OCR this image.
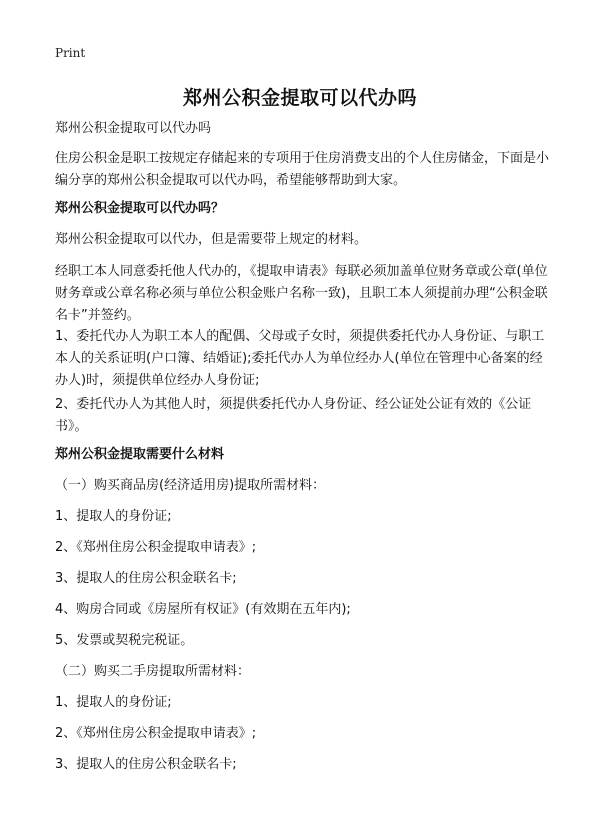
Print
郑州公积金提取可以代办吗
郑州公积金提取可以代办吗
住房公积金是职工按规定存储起来的专项用于住房消费支出的个人住房储金，下面是小编分享的郑州公积金提取可以代办吗，希望能够帮助到大家。
郑州公积金提取可以代办吗？
郑州公积金提取可以代办，但是需要带上规定的材料。
经职工本人同意委托他人代办的，《提取申请表》每联必须加盖单位财务章或公章(单位财务章或公章名称必须与单位公积金账户名称一致)，且职工本人须提前办理“公积金联名卡”并签约。
1、委托代办人为职工本人的配偶、父母或子女时，须提供委托代办人身份证、与职工本人的关系证明(户口簿、结婚证);委托代办人为单位经办人(单位在管理中心备案的经办人)时，须提供单位经办人身份证;
2、委托代办人为其他人时，须提供委托代办人身份证、经公证处公证有效的《公证书》。
郑州公积金提取需要什么材料
（一）购买商品房(经济适用房)提取所需材料：
1、提取人的身份证;
2、《郑州住房公积金提取申请表》;
3、提取人的住房公积金联名卡;
4、购房合同或《房屋所有权证》(有效期在五年内);
5、发票或契税完税证。
（二）购买二手房提取所需材料：
1、提取人的身份证;
2、《郑州住房公积金提取申请表》;
3、提取人的住房公积金联名卡;
